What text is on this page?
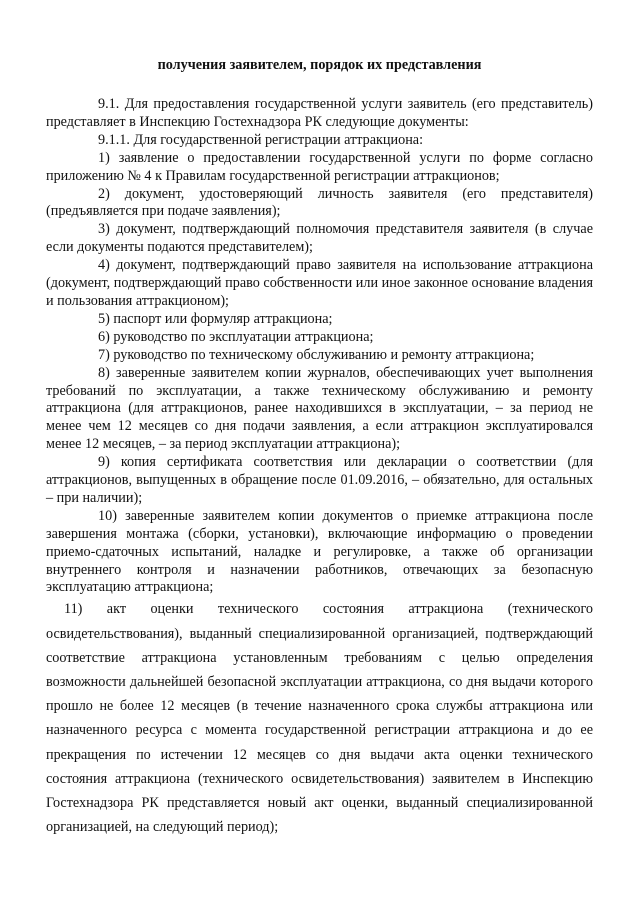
получения заявителем, порядок их представления

9.1. Для предоставления государственной услуги заявитель (его представитель) представляет в Инспекцию Гостехнадзора РК следующие документы:

9.1.1. Для государственной регистрации аттракциона:

1) заявление о предоставлении государственной услуги по форме согласно приложению № 4 к Правилам государственной регистрации аттракционов;

2) документ, удостоверяющий личность заявителя (его представителя) (предъявляется при подаче заявления);

3) документ, подтверждающий полномочия представителя заявителя (в случае если документы подаются представителем);

4) документ, подтверждающий право заявителя на использование аттракциона (документ, подтверждающий право собственности или иное законное основание владения и пользования аттракционом);

5) паспорт или формуляр аттракциона;

6) руководство по эксплуатации аттракциона;

7) руководство по техническому обслуживанию и ремонту аттракциона;

8) заверенные заявителем копии журналов, обеспечивающих учет выполнения требований по эксплуатации, а также техническому обслуживанию и ремонту аттракциона (для аттракционов, ранее находившихся в эксплуатации, – за период не менее чем 12 месяцев со дня подачи заявления, а если аттракцион эксплуатировался менее 12 месяцев, – за период эксплуатации аттракциона);

9) копия сертификата соответствия или декларации о соответствии (для аттракционов, выпущенных в обращение после 01.09.2016, – обязательно, для остальных – при наличии);

10) заверенные заявителем копии документов о приемке аттракциона после завершения монтажа (сборки, установки), включающие информацию о проведении приемо-сдаточных испытаний, наладке и регулировке, а также об организации внутреннего контроля и назначении работников, отвечающих за безопасную эксплуатацию аттракциона;

11) акт оценки технического состояния аттракциона (технического освидетельствования), выданный специализированной организацией, подтверждающий соответствие аттракциона установленным требованиям с целью определения возможности дальнейшей безопасной эксплуатации аттракциона, со дня выдачи которого прошло не более 12 месяцев (в течение назначенного срока службы аттракциона или назначенного ресурса с момента государственной регистрации аттракциона и до ее прекращения по истечении 12 месяцев со дня выдачи акта оценки технического состояния аттракциона (технического освидетельствования) заявителем в Инспекцию Гостехнадзора РК представляется новый акт оценки, выданный специализированной организацией, на следующий период);
